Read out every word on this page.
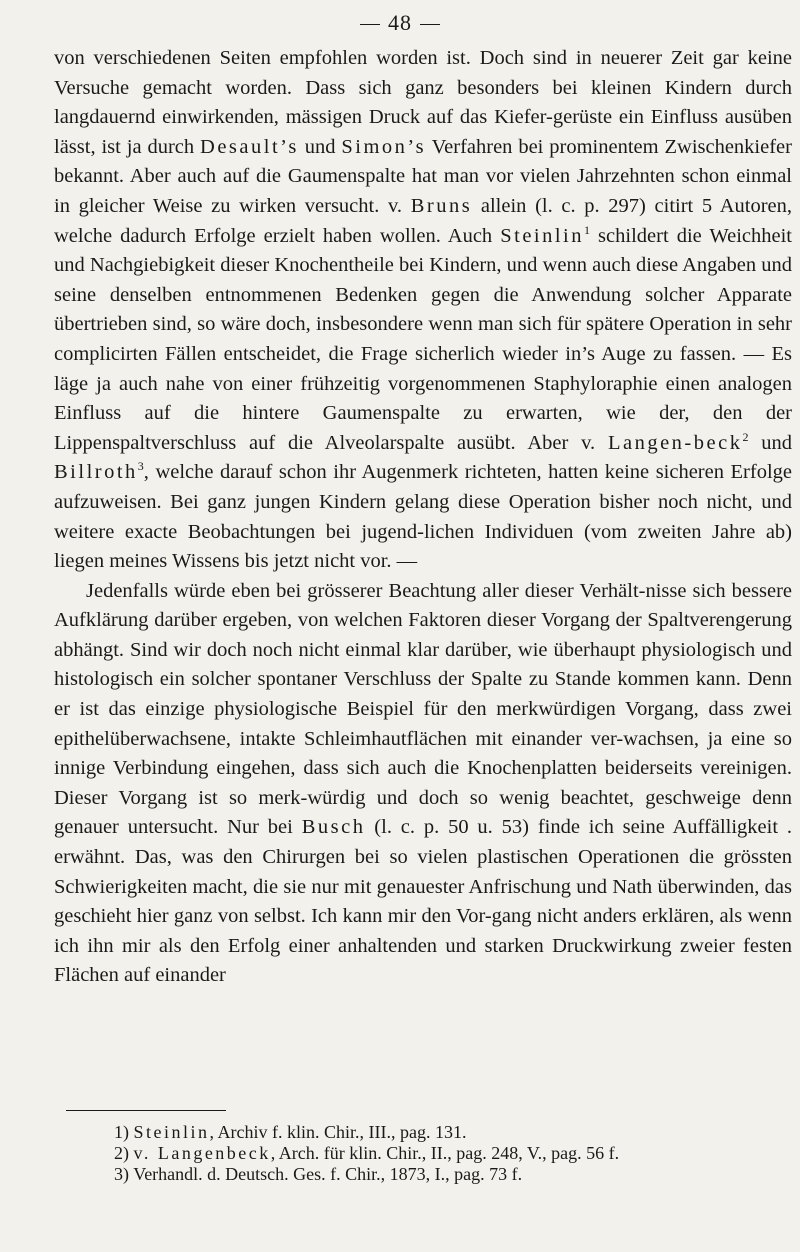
48

von verschiedenen Seiten empfohlen worden ist. Doch sind in neuerer Zeit gar keine Versuche gemacht worden. Dass sich ganz besonders bei kleinen Kindern durch langdauernd einwirkenden, mässigen Druck auf das Kiefer-gerüste ein Einfluss ausüben lässt, ist ja durch Desault’s und Simon’s Verfahren bei prominentem Zwischenkiefer bekannt. Aber auch auf die Gaumenspalte hat man vor vielen Jahrzehnten schon einmal in gleicher Weise zu wirken versucht. v. Bruns allein (l. c. p. 297) citirt 5 Autoren, welche dadurch Erfolge erzielt haben wollen. Auch Steinlin$^1$ schildert die Weichheit und Nachgiebigkeit dieser Knochentheile bei Kindern, und wenn auch diese Angaben und seine denselben entnommenen Bedenken gegen die Anwendung solcher Apparate übertrieben sind, so wäre doch, insbesondere wenn man sich für spätere Operation in sehr complicirten Fällen entscheidet, die Frage sicherlich wieder in’s Auge zu fassen. — Es läge ja auch nahe von einer frühzeitig vorgenommenen Staphyloraphie einen analogen Einfluss auf die hintere Gaumenspalte zu erwarten, wie der, den der Lippenspaltverschluss auf die Alveolarspalte ausübt. Aber v. Langen-beck$^2$ und Billroth$^3$, welche darauf schon ihr Augenmerk richteten, hatten keine sicheren Erfolge aufzuweisen. Bei ganz jungen Kindern gelang diese Operation bisher noch nicht, und weitere exacte Beobachtungen bei jugend-lichen Individuen (vom zweiten Jahre ab) liegen meines Wissens bis jetzt nicht vor. —

Jedenfalls würde eben bei grösserer Beachtung aller dieser Verhält-nisse sich bessere Aufklärung darüber ergeben, von welchen Faktoren dieser Vorgang der Spaltverengerung abhängt. Sind wir doch noch nicht einmal klar darüber, wie überhaupt physiologisch und histologisch ein solcher spontaner Verschluss der Spalte zu Stande kommen kann. Denn er ist das einzige physiologische Beispiel für den merkwürdigen Vorgang, dass zwei epithelüberwachsene, intakte Schleimhautflächen mit einander ver-wachsen, ja eine so innige Verbindung eingehen, dass sich auch die Knochenplatten beiderseits vereinigen. Dieser Vorgang ist so merk-würdig und doch so wenig beachtet, geschweige denn genauer untersucht. Nur bei Busch (l. c. p. 50 u. 53) finde ich seine Auffälligkeit . erwähnt. Das, was den Chirurgen bei so vielen plastischen Operationen die grössten Schwierigkeiten macht, die sie nur mit genauester Anfrischung und Nath überwinden, das geschieht hier ganz von selbst. Ich kann mir den Vor-gang nicht anders erklären, als wenn ich ihn mir als den Erfolg einer anhaltenden und starken Druckwirkung zweier festen Flächen auf einander

1) Steinlin, Archiv f. klin. Chir., III., pag. 131.
2) v. Langenbeck, Arch. für klin. Chir., II., pag. 248, V., pag. 56 f.
3) Verhandl. d. Deutsch. Ges. f. Chir., 1873, I., pag. 73 f.
